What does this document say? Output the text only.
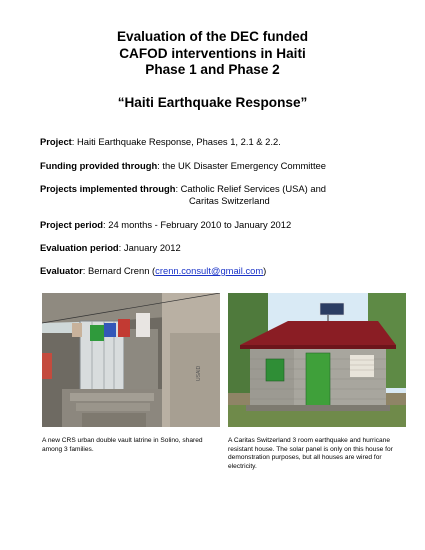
Evaluation of the DEC funded
CAFOD interventions in Haiti
Phase 1 and Phase 2
“Haiti Earthquake Response”
Project: Haiti Earthquake Response, Phases 1, 2.1 & 2.2.
Funding provided through: the UK Disaster Emergency Committee
Projects implemented through: Catholic Relief Services (USA) and
Caritas Switzerland
Project period: 24 months - February 2010 to January 2012
Evaluation period: January 2012
Evaluator: Bernard Crenn (crenn.consult@gmail.com)
USAID
A new CRS urban double vault latrine in Solino, shared among 3 families.
A Caritas Switzerland 3 room earthquake and hurricane resistant house. The solar panel is only on this house for demonstration purposes, but all houses are wired for electricity.
